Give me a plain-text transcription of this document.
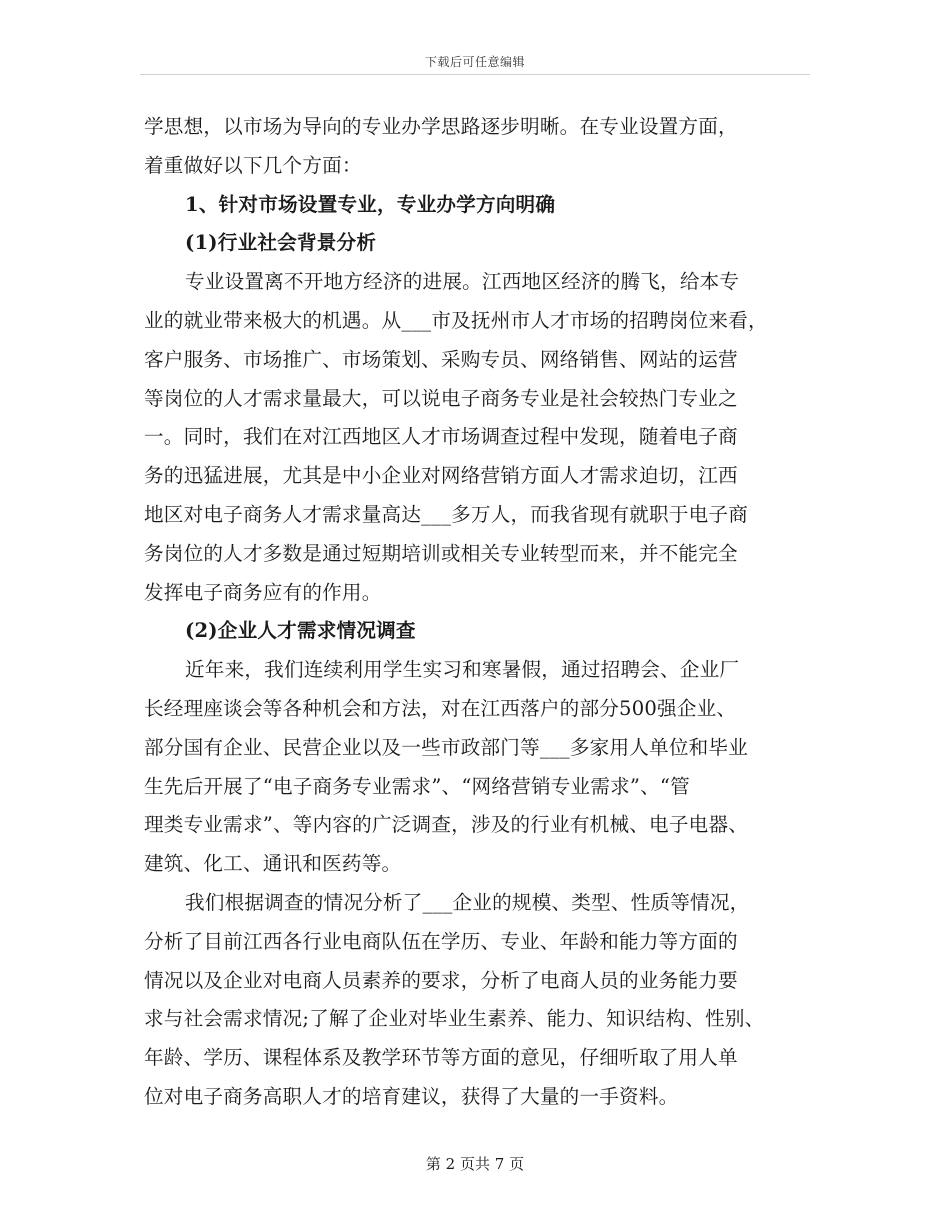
下载后可任意编辑
学思想，以市场为导向的专业办学思路逐步明晰。在专业设置方面，
着重做好以下几个方面：
1、针对市场设置专业，专业办学方向明确
(1)行业社会背景分析
专业设置离不开地方经济的进展。江西地区经济的腾飞，给本专
业的就业带来极大的机遇。从___市及抚州市人才市场的招聘岗位来看，
客户服务、市场推广、市场策划、采购专员、网络销售、网站的运营
等岗位的人才需求量最大，可以说电子商务专业是社会较热门专业之
一。同时，我们在对江西地区人才市场调查过程中发现，随着电子商
务的迅猛进展，尤其是中小企业对网络营销方面人才需求迫切，江西
地区对电子商务人才需求量高达___多万人，而我省现有就职于电子商
务岗位的人才多数是通过短期培训或相关专业转型而来，并不能完全
发挥电子商务应有的作用。
(2)企业人才需求情况调查
近年来，我们连续利用学生实习和寒暑假，通过招聘会、企业厂
长经理座谈会等各种机会和方法，对在江西落户的部分500强企业、
部分国有企业、民营企业以及一些市政部门等___多家用人单位和毕业
生先后开展了“电子商务专业需求”、“网络营销专业需求”、“管
理类专业需求”、等内容的广泛调查，涉及的行业有机械、电子电器、
建筑、化工、通讯和医药等。
我们根据调查的情况分析了___企业的规模、类型、性质等情况，
分析了目前江西各行业电商队伍在学历、专业、年龄和能力等方面的
情况以及企业对电商人员素养的要求，分析了电商人员的业务能力要
求与社会需求情况;了解了企业对毕业生素养、能力、知识结构、性别、
年龄、学历、课程体系及教学环节等方面的意见，仔细听取了用人单
位对电子商务高职人才的培育建议，获得了大量的一手资料。
第 2 页共 7 页
